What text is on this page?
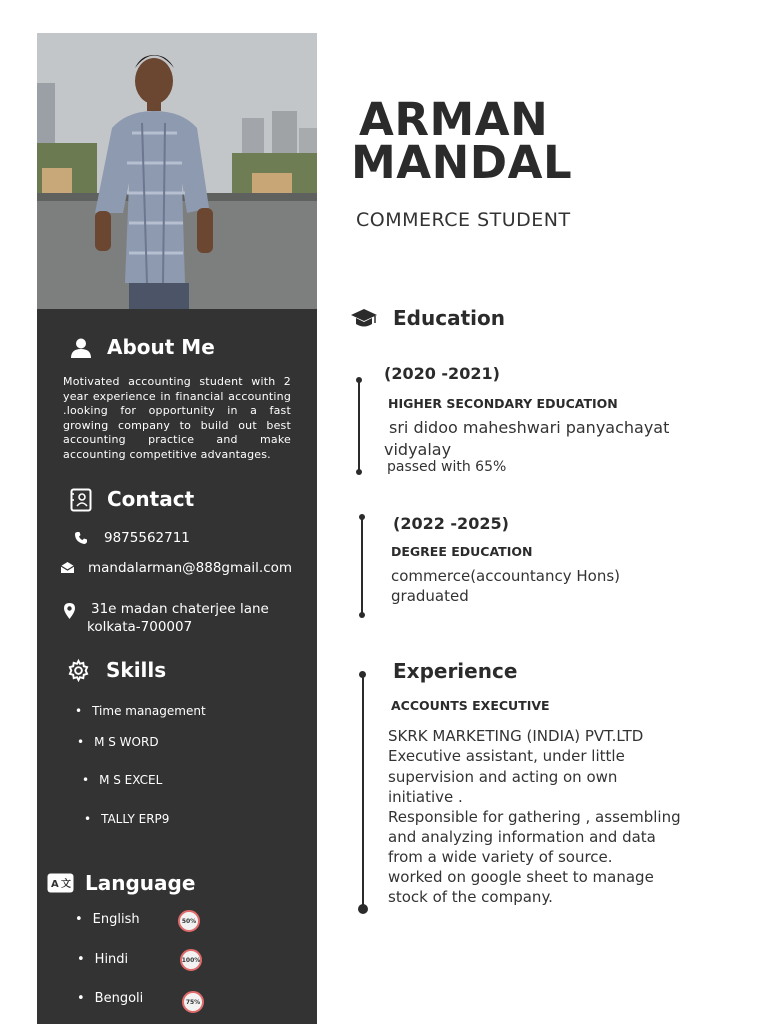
About Me
Motivated accounting student with 2 year experience in financial accounting .looking for opportunity in a fast growing company to build out best accounting practice and make accounting competitive advantages.
Contact
9875562711
mandalarman@888gmail.com
31e madan chaterjee lane
kolkata-700007
Skills
• Time management
• M S WORD
• M S EXCEL
• TALLY ERP9
A 文 Language
• English	50%
• Hindi	100%
• Bengoli	75%
ARMAN
MANDAL
COMMERCE STUDENT
Education
(2020 -2021)
HIGHER SECONDARY EDUCATION
sri didoo maheshwari panyachayat
vidyalay
passed with 65%
(2022 -2025)
DEGREE EDUCATION
commerce(accountancy Hons)
graduated
Experience
ACCOUNTS EXECUTIVE
SKRK MARKETING (INDIA) PVT.LTD
Executive assistant, under little
supervision and acting on own
initiative .
Responsible for gathering , assembling
and analyzing information and data
from a wide variety of source.
worked on google sheet to manage
stock of the company.
